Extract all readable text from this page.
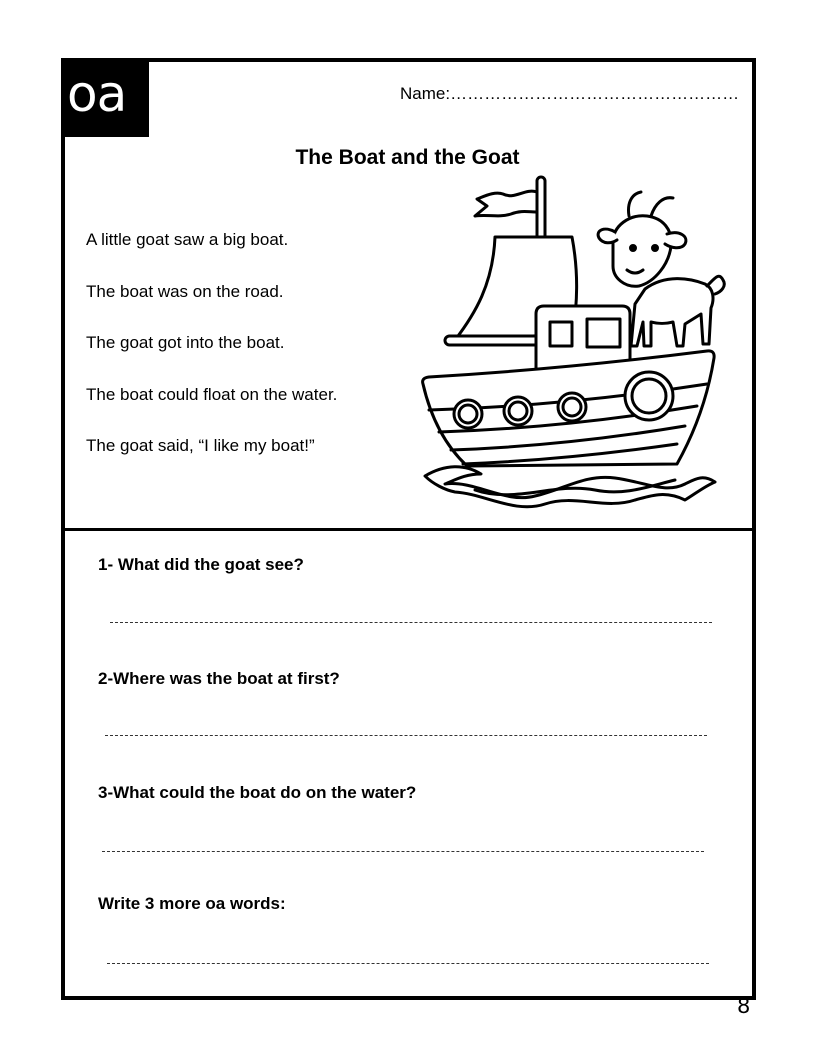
oa	Name:……………………………………………
The Boat and the Goat

A little goat saw a big boat.

The boat was on the road.

The goat got into the boat.

The boat could float on the water.

The goat said, “I like my boat!”

1- What did the goat see?
2-Where was the boat at first?
3-What could the boat do on the water?
Write 3 more oa words:
8
